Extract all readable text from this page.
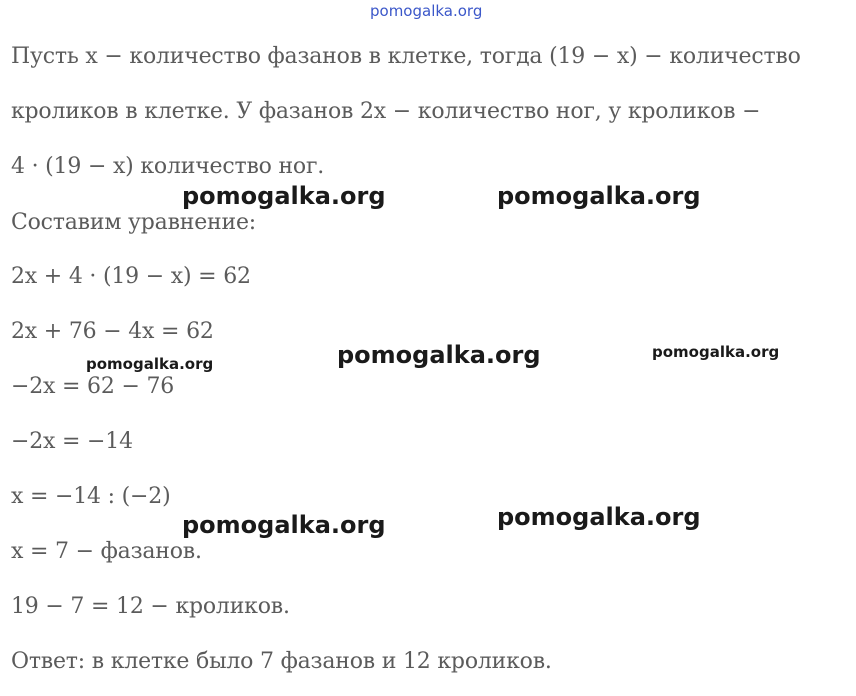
pomogalka.org
Пусть x − количество фазанов в клетке, тогда (19 − x) − количество
кроликов в клетке. У фазанов 2x − количество ног, у кроликов −
4 · (19 − x) количество ног.
Составим уравнение:
2x + 4 · (19 − x) = 62
2x + 76 − 4x = 62
−2x = 62 − 76
−2x = −14
x = −14 : (−2)
x = 7 − фазанов.
19 − 7 = 12 − кроликов.
Ответ: в клетке было 7 фазанов и 12 кроликов.
pomogalka.org	pomogalka.org
pomogalka.org	pomogalka.org	pomogalka.org
pomogalka.org	pomogalka.org
